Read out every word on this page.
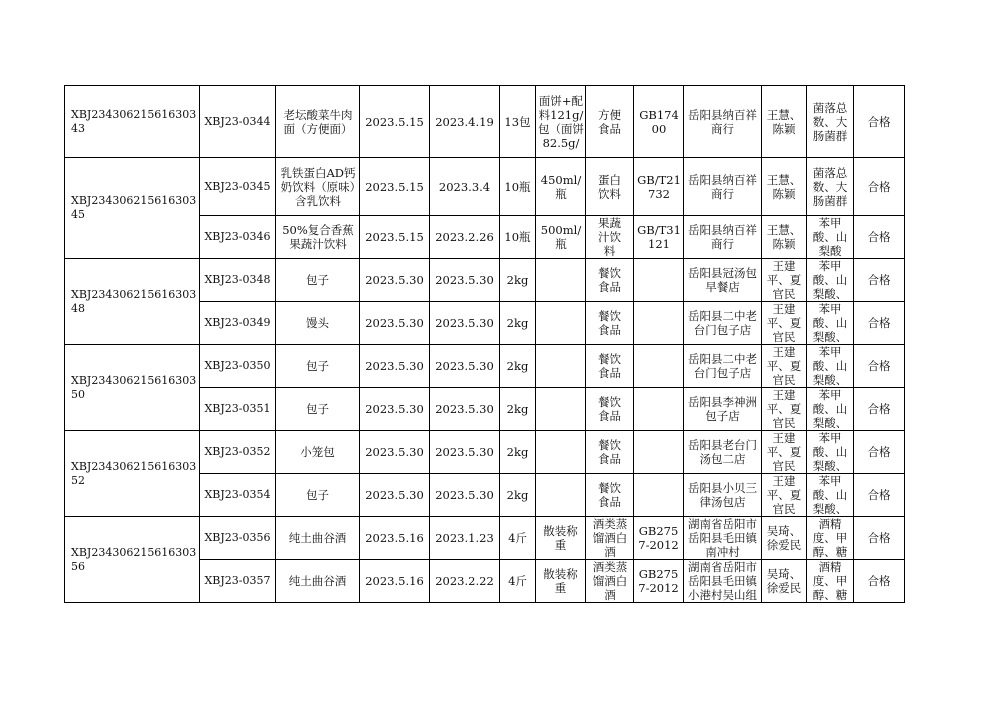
XBJ23430621561630343	XBJ23-0344	老坛酸菜牛肉面（方便面）	2023.5.15	2023.4.19	13包	面饼+配料121g/包（面饼82.5g/	方便食品	GB17400	岳阳县纳百祥商行	王慧、陈颖	菌落总数、大肠菌群	合格
XBJ23430621561630345	XBJ23-0345	乳铁蛋白AD钙奶饮料（原味）含乳饮料	2023.5.15	2023.3.4	10瓶	450ml/瓶	蛋白饮料	GB/T21732	岳阳县纳百祥商行	王慧、陈颖	菌落总数、大肠菌群	合格
	XBJ23-0346	50%复合香蕉果蔬汁饮料	2023.5.15	2023.2.26	10瓶	500ml/瓶	果蔬汁饮料	GB/T31121	岳阳县纳百祥商行	王慧、陈颖	苯甲酸、山梨酸	合格
XBJ23430621561630348	XBJ23-0348	包子	2023.5.30	2023.5.30	2kg		餐饮食品		岳阳县冠汤包早餐店	王建平、夏官民	苯甲酸、山梨酸、	合格
	XBJ23-0349	馒头	2023.5.30	2023.5.30	2kg		餐饮食品		岳阳县二中老台门包子店	王建平、夏官民	苯甲酸、山梨酸、	合格
XBJ23430621561630350	XBJ23-0350	包子	2023.5.30	2023.5.30	2kg		餐饮食品		岳阳县二中老台门包子店	王建平、夏官民	苯甲酸、山梨酸、	合格
	XBJ23-0351	包子	2023.5.30	2023.5.30	2kg		餐饮食品		岳阳县李神洲包子店	王建平、夏官民	苯甲酸、山梨酸、	合格
XBJ23430621561630352	XBJ23-0352	小笼包	2023.5.30	2023.5.30	2kg		餐饮食品		岳阳县老台门汤包二店	王建平、夏官民	苯甲酸、山梨酸、	合格
	XBJ23-0354	包子	2023.5.30	2023.5.30	2kg		餐饮食品		岳阳县小贝三律汤包店	王建平、夏官民	苯甲酸、山梨酸、	合格
XBJ23430621561630356	XBJ23-0356	纯土曲谷酒	2023.5.16	2023.1.23	4斤	散装称重	酒类蒸馏酒白酒	GB2757-2012	湖南省岳阳市岳阳县毛田镇南冲村	吴琦、徐爱民	酒精度、甲醇、糖	合格
	XBJ23-0357	纯土曲谷酒	2023.5.16	2023.2.22	4斤	散装称重	酒类蒸馏酒白酒	GB2757-2012	湖南省岳阳市岳阳县毛田镇小港村吴山组	吴琦、徐爱民	酒精度、甲醇、糖	合格
